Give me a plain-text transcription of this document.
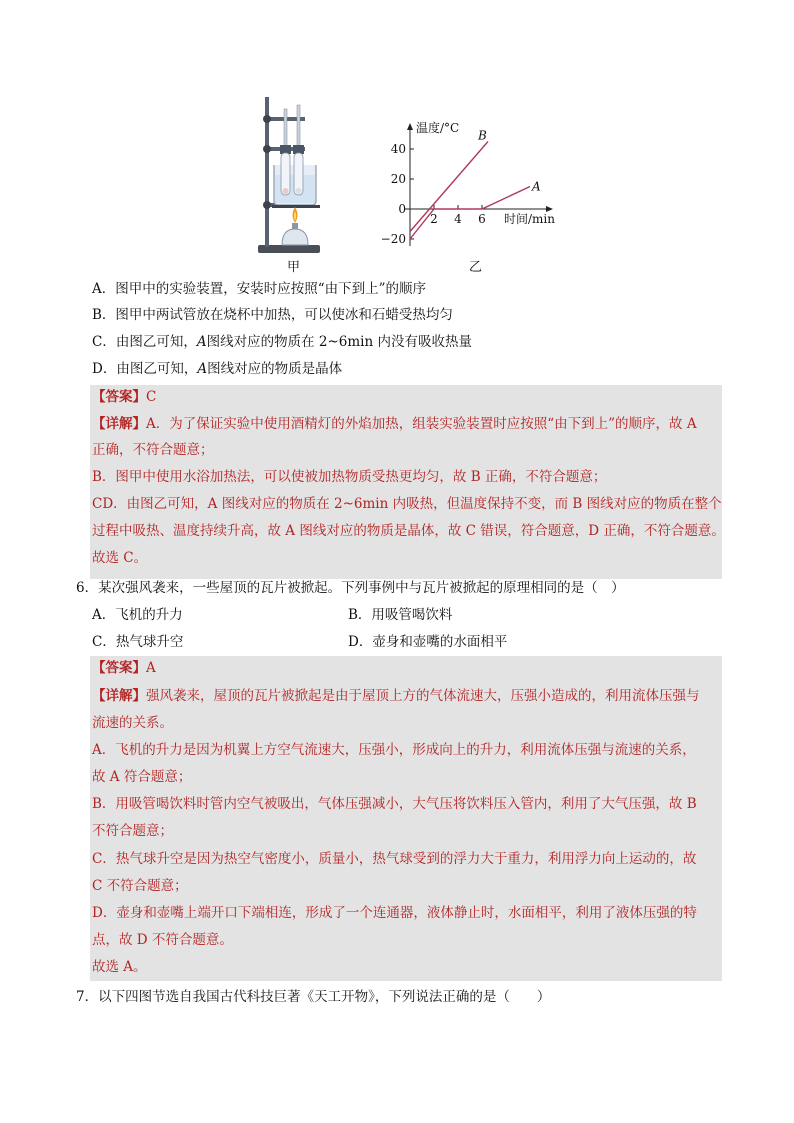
甲
温度/°C
时间/min
40
20
0
−20
2 4 6
A
B
乙
A．图甲中的实验装置，安装时应按照“由下到上”的顺序
B．图甲中两试管放在烧杯中加热，可以使冰和石蜡受热均匀
C．由图乙可知，A图线对应的物质在 2~6min 内没有吸收热量
D．由图乙可知，A图线对应的物质是晶体
【答案】C
【详解】A．为了保证实验中使用酒精灯的外焰加热，组装实验装置时应按照“由下到上”的顺序，故 A
正确，不符合题意；
B．图甲中使用水浴加热法，可以使被加热物质受热更均匀，故 B 正确，不符合题意；
CD．由图乙可知，A 图线对应的物质在 2~6min 内吸热，但温度保持不变，而 B 图线对应的物质在整个
过程中吸热、温度持续升高，故 A 图线对应的物质是晶体，故 C 错误，符合题意，D 正确，不符合题意。
故选 C。
6．某次强风袭来，一些屋顶的瓦片被掀起。下列事例中与瓦片被掀起的原理相同的是（　）
A．飞机的升力	B．用吸管喝饮料
C．热气球升空	D．壶身和壶嘴的水面相平
【答案】A
【详解】强风袭来，屋顶的瓦片被掀起是由于屋顶上方的气体流速大，压强小造成的，利用流体压强与
流速的关系。
A．飞机的升力是因为机翼上方空气流速大，压强小，形成向上的升力，利用流体压强与流速的关系，
故 A 符合题意；
B．用吸管喝饮料时管内空气被吸出，气体压强减小，大气压将饮料压入管内，利用了大气压强，故 B
不符合题意；
C．热气球升空是因为热空气密度小，质量小，热气球受到的浮力大于重力，利用浮力向上运动的，故
C 不符合题意；
D．壶身和壶嘴上端开口下端相连，形成了一个连通器，液体静止时，水面相平，利用了液体压强的特
点，故 D 不符合题意。
故选 A。
7．以下四图节选自我国古代科技巨著《天工开物》，下列说法正确的是（　　）
